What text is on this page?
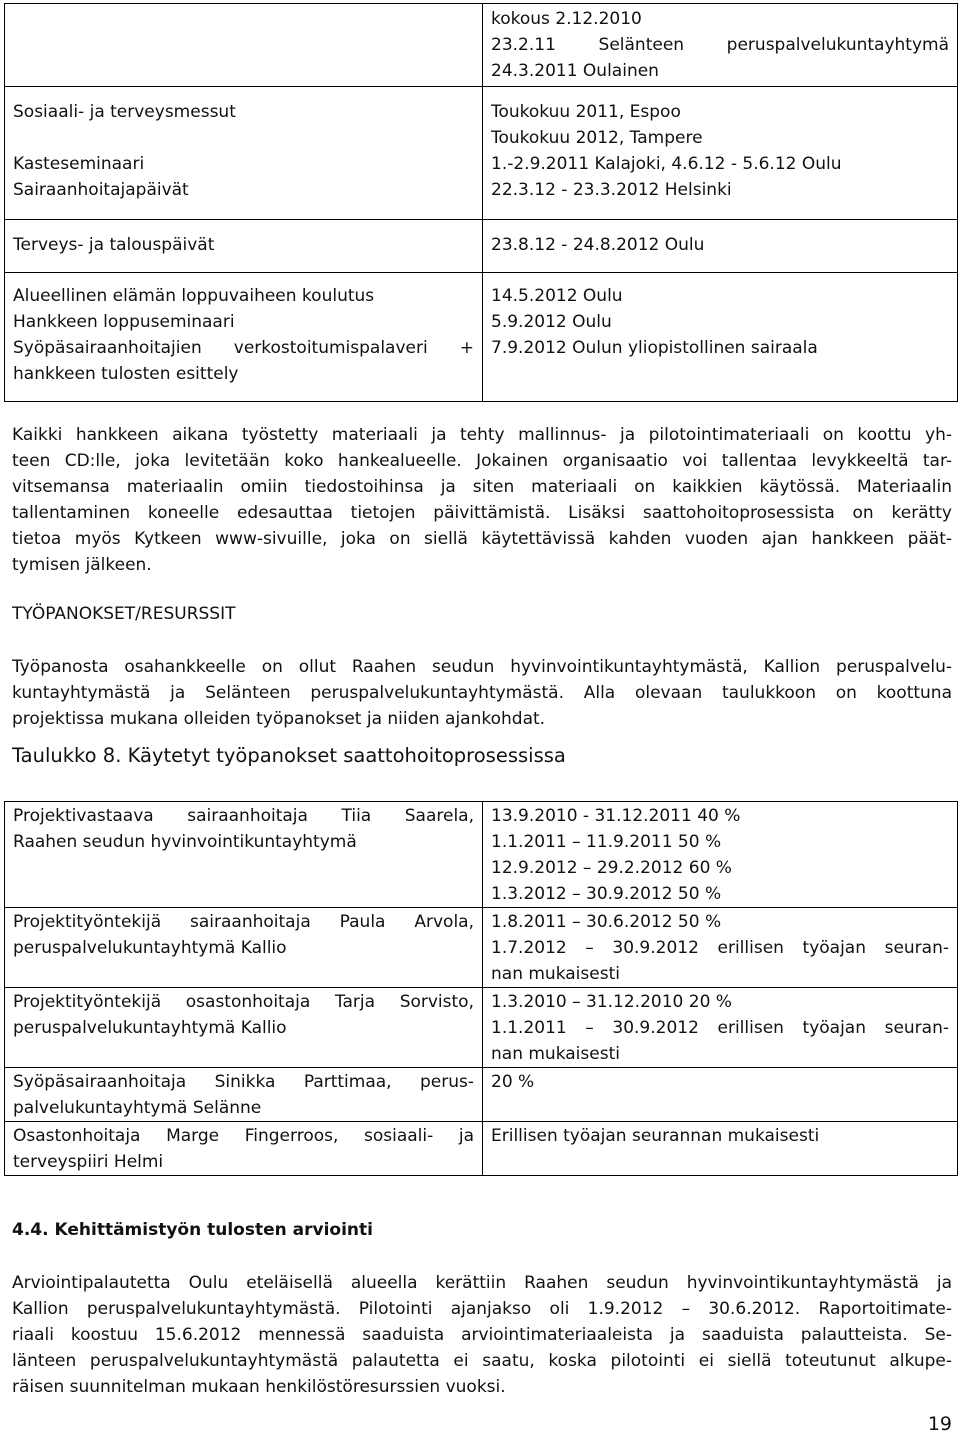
	kokous 2.12.2010
23.2.11 Selänteen peruspalvelukuntayhtymä
24.3.2011 Oulainen

Sosiaali- ja terveysmessut
Kasteseminaari
Sairaanhoitajapäivät	Toukokuu 2011, Espoo
Toukokuu 2012, Tampere
1.-2.9.2011 Kalajoki, 4.6.12 - 5.6.12 Oulu
22.3.12 - 23.3.2012 Helsinki

Terveys- ja talouspäivät	23.8.12 - 24.8.2012 Oulu

Alueellinen elämän loppuvaiheen koulutus
Hankkeen loppuseminaari
Syöpäsairaanhoitajien verkostoitumispalaveri +
hankkeen tulosten esittely	14.5.2012 Oulu
5.9.2012 Oulu
7.9.2012 Oulun yliopistollinen sairaala
Kaikki hankkeen aikana työstetty materiaali ja tehty mallinnus- ja pilotointimateriaali on koottu yh-
teen CD:lle, joka levitetään koko hankealueelle. Jokainen organisaatio voi tallentaa levykkeeltä tar-
vitsemansa materiaalin omiin tiedostoihinsa ja siten materiaali on kaikkien käytössä. Materiaalin
tallentaminen koneelle edesauttaa tietojen päivittämistä. Lisäksi saattohoitoprosessista on kerätty
tietoa myös Kytkeen www-sivuille, joka on siellä käytettävissä kahden vuoden ajan hankkeen päät-
tymisen jälkeen.
TYÖPANOKSET/RESURSSIT
Työpanosta osahankkeelle on ollut Raahen seudun hyvinvointikuntayhtymästä, Kallion peruspalvelu-
kuntayhtymästä ja Selänteen peruspalvelukuntayhtymästä. Alla olevaan taulukkoon on koottuna
projektissa mukana olleiden työpanokset ja niiden ajankohdat.
Taulukko 8. Käytetyt työpanokset saattohoitoprosessissa
Projektivastaava sairaanhoitaja Tiia Saarela,
Raahen seudun hyvinvointikuntayhtymä	13.9.2010 - 31.12.2011 40 %
1.1.2011 – 11.9.2011 50 %
12.9.2012 – 29.2.2012 60 %
1.3.2012 – 30.9.2012 50 %

Projektityöntekijä sairaanhoitaja Paula Arvola,
peruspalvelukuntayhtymä Kallio	1.8.2011 – 30.6.2012 50 %
1.7.2012 – 30.9.2012 erillisen työajan seuran-
nan mukaisesti

Projektityöntekijä osastonhoitaja Tarja Sorvisto,
peruspalvelukuntayhtymä Kallio	1.3.2010 – 31.12.2010 20 %
1.1.2011 – 30.9.2012 erillisen työajan seuran-
nan mukaisesti

Syöpäsairaanhoitaja Sinikka Parttimaa, perus-
palvelukuntayhtymä Selänne	20 %

Osastonhoitaja Marge Fingerroos, sosiaali- ja
terveyspiiri Helmi	Erillisen työajan seurannan mukaisesti
4.4. Kehittämistyön tulosten arviointi
Arviointipalautetta Oulu eteläisellä alueella kerättiin Raahen seudun hyvinvointikuntayhtymästä ja
Kallion peruspalvelukuntayhtymästä. Pilotointi ajanjakso oli 1.9.2012 – 30.6.2012. Raportoitimate-
riaali koostuu 15.6.2012 mennessä saaduista arviointimateriaaleista ja saaduista palautteista. Se-
länteen peruspalvelukuntayhtymästä palautetta ei saatu, koska pilotointi ei siellä toteutunut alkupe-
räisen suunnitelman mukaan henkilöstöresurssien vuoksi.
19
